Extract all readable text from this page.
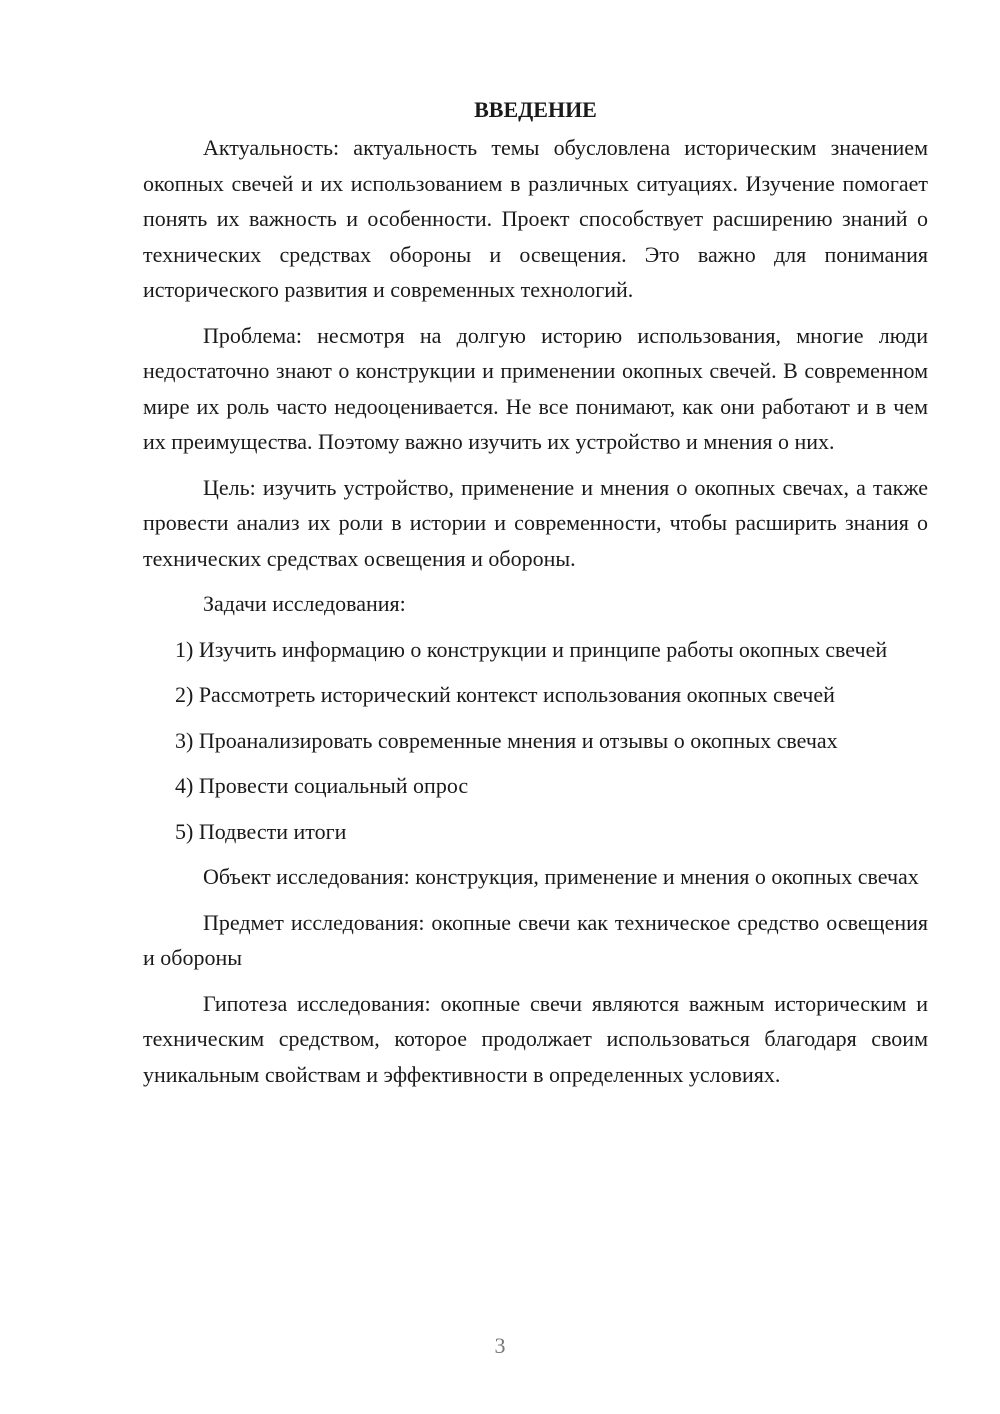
ВВЕДЕНИЕ

Актуальность: актуальность темы обусловлена историческим значением окопных свечей и их использованием в различных ситуациях. Изучение помогает понять их важность и особенности. Проект способствует расширению знаний о технических средствах обороны и освещения. Это важно для понимания исторического развития и современных технологий.

Проблема: несмотря на долгую историю использования, многие люди недостаточно знают о конструкции и применении окопных свечей. В современном мире их роль часто недооценивается. Не все понимают, как они работают и в чем их преимущества. Поэтому важно изучить их устройство и мнения о них.

Цель: изучить устройство, применение и мнения о окопных свечах, а также провести анализ их роли в истории и современности, чтобы расширить знания о технических средствах освещения и обороны.

Задачи исследования:

1) Изучить информацию о конструкции и принципе работы окопных свечей

2) Рассмотреть исторический контекст использования окопных свечей

3) Проанализировать современные мнения и отзывы о окопных свечах

4) Провести социальный опрос

5) Подвести итоги

Объект исследования: конструкция, применение и мнения о окопных свечах

Предмет исследования: окопные свечи как техническое средство освещения и обороны

Гипотеза исследования: окопные свечи являются важным историческим и техническим средством, которое продолжает использоваться благодаря своим уникальным свойствам и эффективности в определенных условиях.

3
